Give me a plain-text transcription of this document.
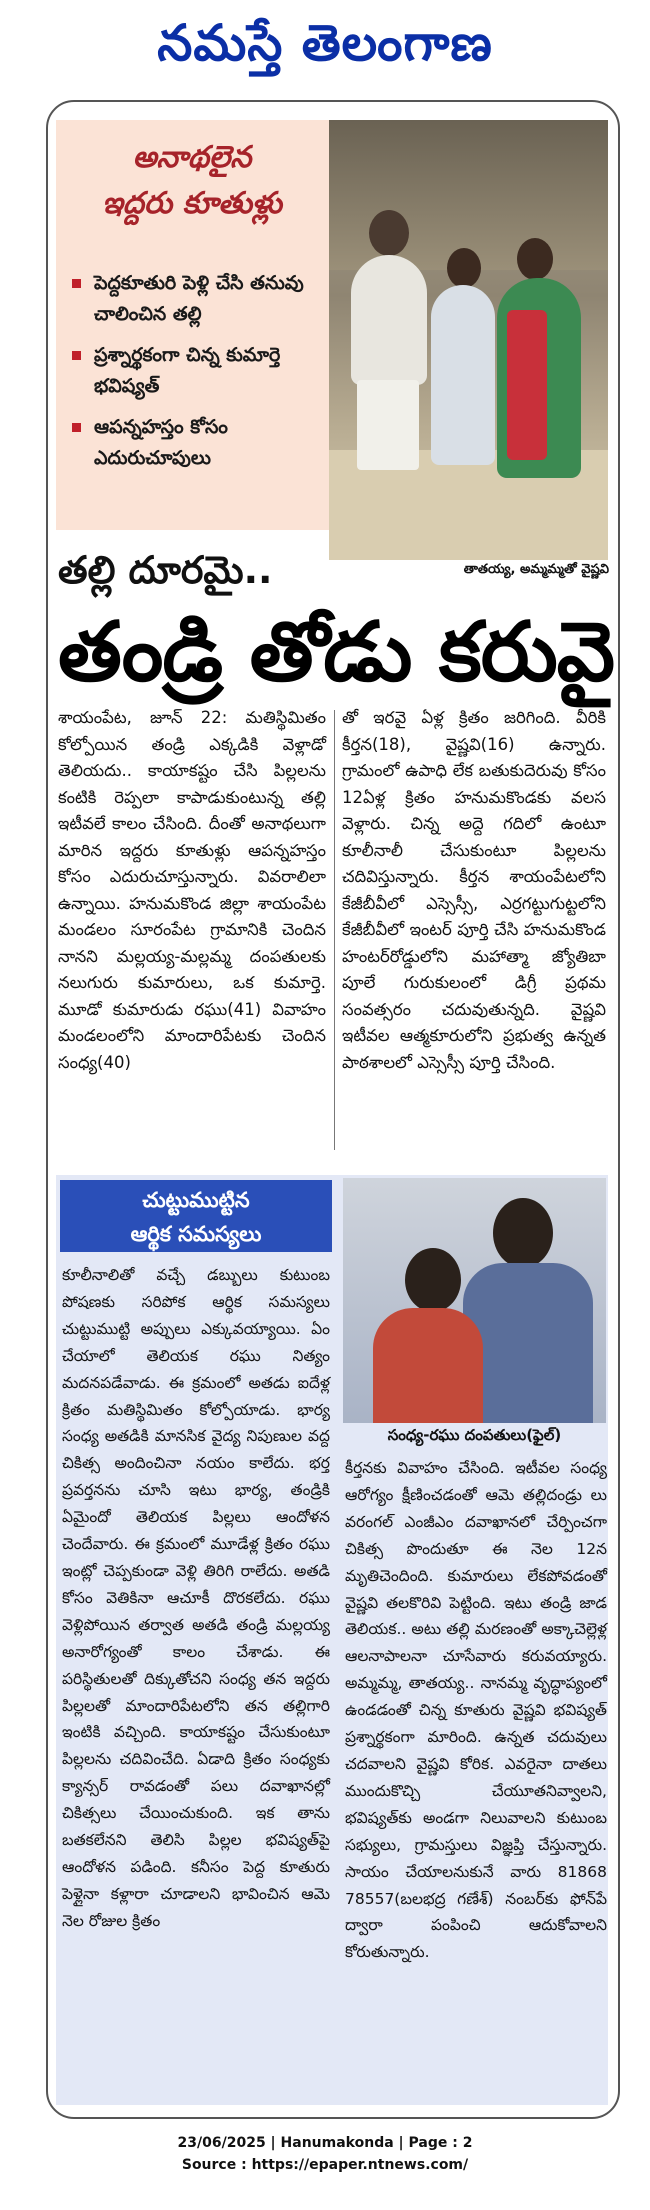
నమస్తే తెలంగాణ
అనాథలైన
ఇద్దరు కూతుళ్లు
పెద్దకూతురి పెళ్లి చేసి తనువు చాలించిన తల్లి
ప్రశ్నార్థకంగా చిన్న కుమార్తె భవిష్యత్
ఆపన్నహస్తం కోసం ఎదురుచూపులు
తాతయ్య, అమ్మమ్మతో వైష్ణవి
తల్లి దూరమై..
తండ్రి తోడు కరువై
శాయంపేట, జూన్ 22: మతిస్థిమితం కోల్పోయిన తండ్రి ఎక్కడికి వెళ్లాడో తెలియదు.. కాయాకష్టం చేసి పిల్లలను కంటికి రెప్పలా కాపాడుకుంటున్న తల్లి ఇటీవలే కాలం చేసింది. దీంతో అనాథలుగా మారిన ఇద్దరు కూతుళ్లు ఆపన్నహస్తం కోసం ఎదురుచూస్తున్నారు. వివరాలిలా ఉన్నాయి. హనుమకొండ జిల్లా శాయంపేట మండలం సూరంపేట గ్రామానికి చెందిన నానని మల్లయ్య-మల్లమ్మ దంపతులకు నలుగురు కుమారులు, ఒక కుమార్తె. మూడో కుమారుడు రఘు(41) వివాహం మండలంలోని మాందారిపేటకు చెందిన సంధ్య(40)
తో ఇరవై ఏళ్ల క్రితం జరిగింది. వీరికి కీర్తన(18), వైష్ణవి(16) ఉన్నారు. గ్రామంలో ఉపాధి లేక బతుకుదెరువు కోసం 12ఏళ్ల క్రితం హనుమకొండకు వలస వెళ్లారు. చిన్న అద్దె గదిలో ఉంటూ కూలీనాలీ చేసుకుంటూ పిల్లలను చదివిస్తున్నారు. కీర్తన శాయంపేటలోని కేజీబీవీలో ఎస్సెస్సీ, ఎర్రగట్టుగుట్టలోని కేజీబీవీలో ఇంటర్ పూర్తి చేసి హనుమకొండ హంటర్‌రోడ్డులోని మహాత్మా జ్యోతిబా పూలే గురుకులంలో డిగ్రీ ప్రథమ సంవత్సరం చదువుతున్నది. వైష్ణవి ఇటీవల ఆత్మకూరులోని ప్రభుత్వ ఉన్నత పాఠశాలలో ఎస్సెస్సీ పూర్తి చేసింది.
చుట్టుముట్టిన
ఆర్థిక సమస్యలు
కూలీనాలితో వచ్చే డబ్బులు కుటుంబ పోషణకు సరిపోక ఆర్థిక సమస్యలు చుట్టుముట్టి అప్పులు ఎక్కువయ్యాయి. ఏం చేయాలో తెలియక రఘు నిత్యం మదనపడేవాడు. ఈ క్రమంలో అతడు ఐదేళ్ల క్రితం మతిస్థిమితం కోల్పోయాడు. భార్య సంధ్య అతడికి మానసిక వైద్య నిపుణుల వద్ద చికిత్స అందించినా నయం కాలేదు. భర్త ప్రవర్తనను చూసి ఇటు భార్య, తండ్రికి ఏమైందో తెలియక పిల్లలు ఆందోళన చెందేవారు. ఈ క్రమంలో మూడేళ్ల క్రితం రఘు ఇంట్లో చెప్పకుండా వెళ్లి తిరిగి రాలేదు. అతడి కోసం వెతికినా ఆచూకీ దొరకలేదు. రఘు వెళ్లిపోయిన తర్వాత అతడి తండ్రి మల్లయ్య అనారోగ్యంతో కాలం చేశాడు. ఈ పరిస్థితులతో దిక్కుతోచని సంధ్య తన ఇద్దరు పిల్లలతో మాందారిపేటలోని తన తల్లిగారి ఇంటికి వచ్చింది. కాయాకష్టం చేసుకుంటూ పిల్లలను చదివించేది. ఏడాది క్రితం సంధ్యకు క్యాన్సర్ రావడంతో పలు దవాఖానల్లో చికిత్సలు చేయించుకుంది. ఇక తాను బతకలేనని తెలిసి పిల్లల భవిష్యత్‌పై ఆందోళన పడింది. కనీసం పెద్ద కూతురు పెళ్లైనా కళ్లారా చూడాలని భావించిన ఆమె నెల రోజుల క్రితం
సంధ్య-రఘు దంపతులు(ఫైల్)
కీర్తనకు వివాహం చేసింది. ఇటీవల సంధ్య ఆరోగ్యం క్షీణించడంతో ఆమె తల్లిదండ్రు లు వరంగల్ ఎంజీఎం దవాఖానలో చేర్పించగా చికిత్స పొందుతూ ఈ నెల 12న మృతిచెందింది. కుమారులు లేకపోవడంతో వైష్ణవి తలకొరివి పెట్టింది. ఇటు తండ్రి జాడ తెలియక.. అటు తల్లి మరణంతో అక్కాచెల్లెళ్ల ఆలనాపాలనా చూసేవారు కరువయ్యారు. అమ్మమ్మ, తాతయ్య.. నానమ్మ వృద్ధాప్యంలో ఉండడంతో చిన్న కూతురు వైష్ణవి భవిష్యత్ ప్రశ్నార్థకంగా మారింది. ఉన్నత చదువులు చదవాలని వైష్ణవి కోరిక. ఎవరైనా దాతలు ముందుకొచ్చి చేయూతనివ్వాలని, భవిష్యత్‌కు అండగా నిలువాలని కుటుంబ సభ్యులు, గ్రామస్తులు విజ్ఞప్తి చేస్తున్నారు. సాయం చేయాలనుకునే వారు 81868 78557(బలభద్ర గణేశ్) నంబర్‌కు ఫోన్‌పే ద్వారా పంపించి ఆదుకోవాలని కోరుతున్నారు.
23/06/2025 | Hanumakonda | Page : 2
Source : https://epaper.ntnews.com/
